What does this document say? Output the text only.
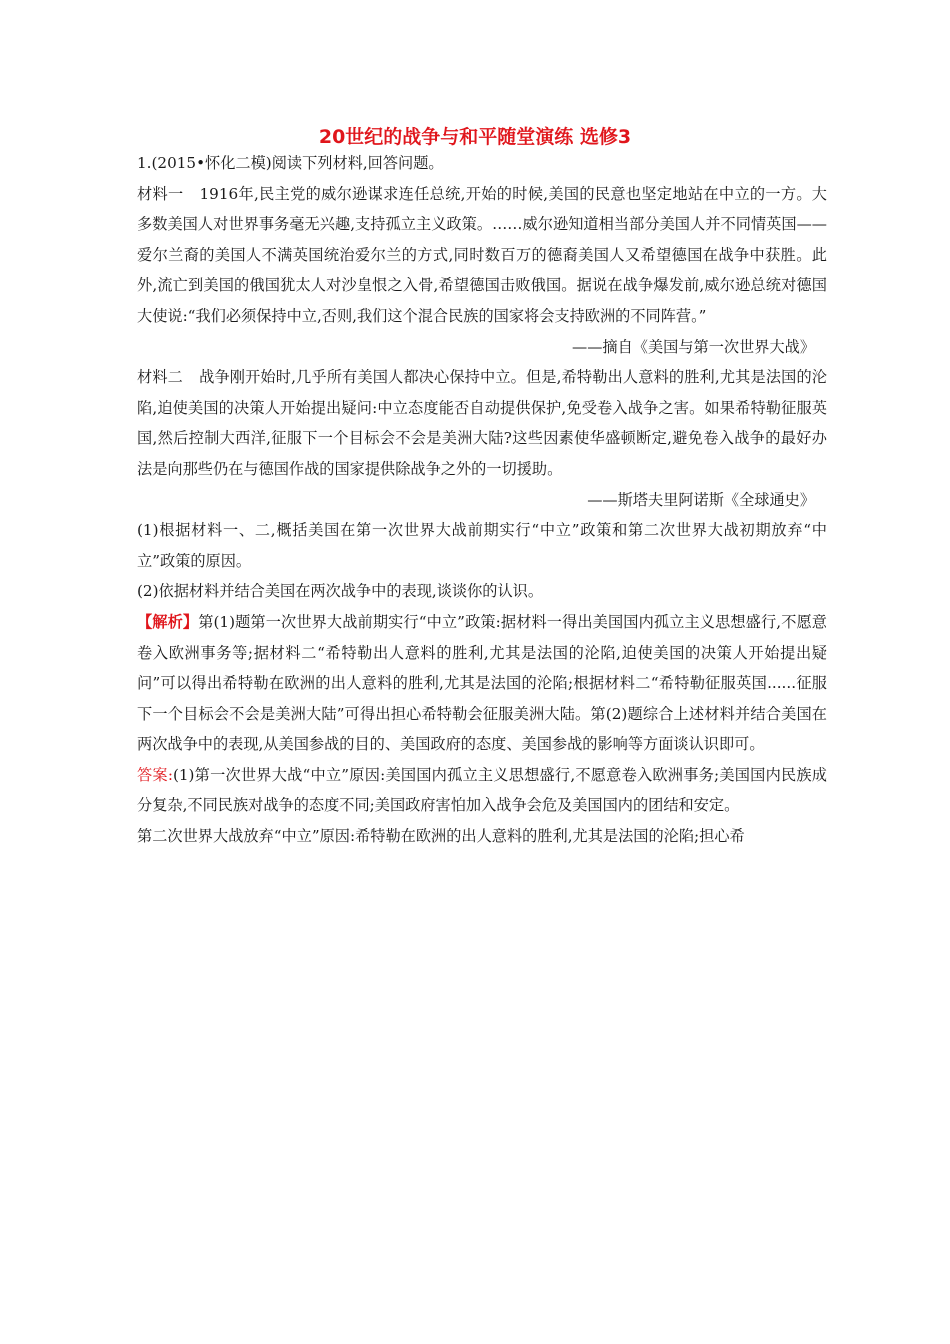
20世纪的战争与和平随堂演练 选修3

1.(2015•怀化二模)阅读下列材料,回答问题。

材料一 1916年,民主党的威尔逊谋求连任总统,开始的时候,美国的民意也坚定地站在中立的一方。大多数美国人对世界事务毫无兴趣,支持孤立主义政策。……威尔逊知道相当部分美国人并不同情英国——爱尔兰裔的美国人不满英国统治爱尔兰的方式,同时数百万的德裔美国人又希望德国在战争中获胜。此外,流亡到美国的俄国犹太人对沙皇恨之入骨,希望德国击败俄国。据说在战争爆发前,威尔逊总统对德国大使说:“我们必须保持中立,否则,我们这个混合民族的国家将会支持欧洲的不同阵营。”

——摘自《美国与第一次世界大战》

材料二 战争刚开始时,几乎所有美国人都决心保持中立。但是,希特勒出人意料的胜利,尤其是法国的沦陷,迫使美国的决策人开始提出疑问:中立态度能否自动提供保护,免受卷入战争之害。如果希特勒征服英国,然后控制大西洋,征服下一个目标会不会是美洲大陆?这些因素使华盛顿断定,避免卷入战争的最好办法是向那些仍在与德国作战的国家提供除战争之外的一切援助。

——斯塔夫里阿诺斯《全球通史》

(1)根据材料一、二,概括美国在第一次世界大战前期实行“中立”政策和第二次世界大战初期放弃“中立”政策的原因。

(2)依据材料并结合美国在两次战争中的表现,谈谈你的认识。

【解析】第(1)题第一次世界大战前期实行“中立”政策:据材料一得出美国国内孤立主义思想盛行,不愿意卷入欧洲事务等;据材料二“希特勒出人意料的胜利,尤其是法国的沦陷,迫使美国的决策人开始提出疑问”可以得出希特勒在欧洲的出人意料的胜利,尤其是法国的沦陷;根据材料二“希特勒征服英国......征服下一个目标会不会是美洲大陆”可得出担心希特勒会征服美洲大陆。第(2)题综合上述材料并结合美国在两次战争中的表现,从美国参战的目的、美国政府的态度、美国参战的影响等方面谈认识即可。

答案:(1)第一次世界大战“中立”原因:美国国内孤立主义思想盛行,不愿意卷入欧洲事务;美国国内民族成分复杂,不同民族对战争的态度不同;美国政府害怕加入战争会危及美国国内的团结和安定。

第二次世界大战放弃“中立”原因:希特勒在欧洲的出人意料的胜利,尤其是法国的沦陷;担心希
